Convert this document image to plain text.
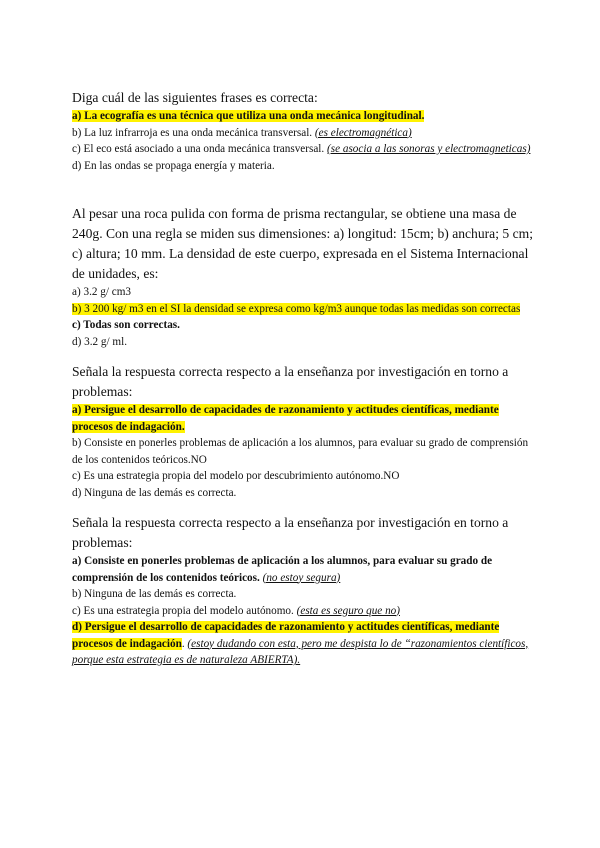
Diga cuál de las siguientes frases es correcta:

a) La ecografía es una técnica que utiliza una onda mecánica longitudinal.

b) La luz infrarroja es una onda mecánica transversal. (es electromagnética)

c) El eco está asociado a una onda mecánica transversal. (se asocia a las sonoras y electromagneticas)

d) En las ondas se propaga energía y materia.

Al pesar una roca pulida con forma de prisma rectangular, se obtiene una masa de 240g. Con una regla se miden sus dimensiones: a) longitud: 15cm; b) anchura; 5 cm; c) altura; 10 mm. La densidad de este cuerpo, expresada en el Sistema Internacional de unidades, es:

a) 3.2 g/ cm3

b) 3 200 kg/ m3 en el SI la densidad se expresa como kg/m3 aunque todas las medidas son correctas

c) Todas son correctas.

d) 3.2 g/ ml.

Señala la respuesta correcta respecto a la enseñanza por investigación en torno a problemas:

a) Persigue el desarrollo de capacidades de razonamiento y actitudes científicas, mediante procesos de indagación.

b) Consiste en ponerles problemas de aplicación a los alumnos, para evaluar su grado de comprensión de los contenidos teóricos.NO

c) Es una estrategia propia del modelo por descubrimiento autónomo.NO

d) Ninguna de las demás es correcta.

Señala la respuesta correcta respecto a la enseñanza por investigación en torno a problemas:

a) Consiste en ponerles problemas de aplicación a los alumnos, para evaluar su grado de comprensión de los contenidos teóricos. (no estoy segura)

b) Ninguna de las demás es correcta.

c) Es una estrategia propia del modelo autónomo. (esta es seguro que no)

d) Persigue el desarrollo de capacidades de razonamiento y actitudes científicas, mediante procesos de indagación. (estoy dudando con esta, pero me despista lo de “razonamientos científicos, porque esta estrategia es de naturaleza ABIERTA).
